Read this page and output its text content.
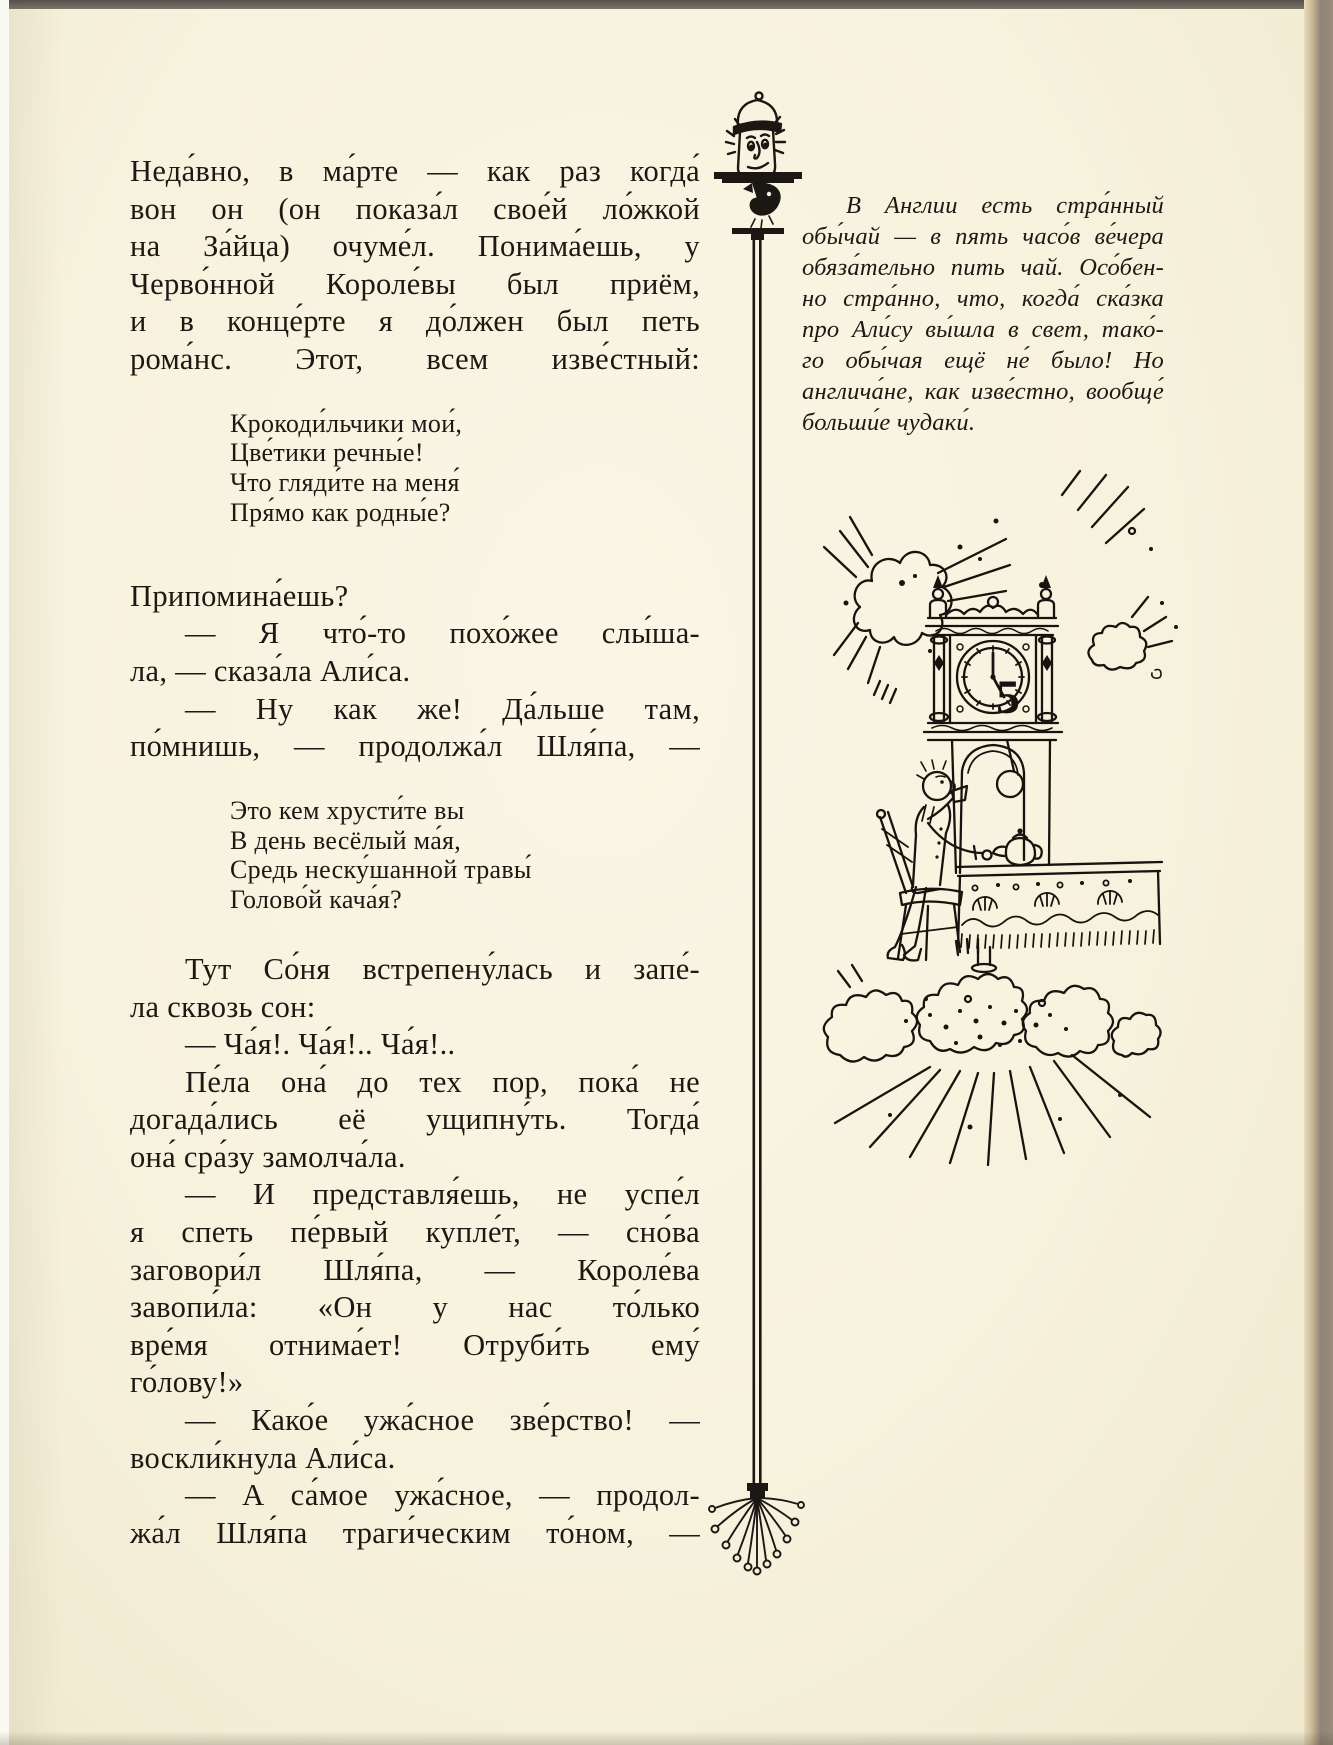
Неда́вно, в ма́рте — как раз когда́
вон он (он показа́л свое́й ло́жкой
на За́йца) очуме́л. Понима́ешь, у
Черво́нной Короле́вы был приём,
и в конце́рте я до́лжен был петь
рома́нс. Этот, всем изве́стный:
Крокоди́льчики мои́,
Цве́тики речны́е!
Что гляди́те на меня́
Пря́мо как родны́е?
Припомина́ешь?
— Я что́-то похо́жее слы́ша-
ла, — сказа́ла Али́са.
— Ну как же! Да́льше там,
по́мнишь, — продолжа́л Шля́па, —
Это кем хрусти́те вы
В день весёлый ма́я,
Средь неску́шанной травы́
Голово́й кача́я?
Тут Со́ня встрепену́лась и запе́-
ла сквозь сон:
— Ча́я!. Ча́я!.. Ча́я!..
Пе́ла она́ до тех пор, пока́ не
догада́лись её ущипну́ть. Тогда́
она́ сра́зу замолча́ла.
— И представля́ешь, не успе́л
я спеть пе́рвый купле́т, — сно́ва
заговори́л Шля́па, — Короле́ва
завопи́ла: «Он у нас то́лько
вре́мя отнима́ет! Отруби́ть ему́
го́лову!»
— Како́е ужа́сное зве́рство! —
воскли́кнула Али́са.
— А са́мое ужа́сное, — продол-
жа́л Шля́па траги́ческим то́ном, —
В Англии есть стра́нный
обы́чай — в пять часо́в ве́чера
обяза́тельно пить чай. Осо́бен-
но стра́нно, что, когда́ ска́зка
про Али́су вы́шла в свет, тако́-
го обы́чая ещё не́ было! Но
англича́не, как изве́стно, вообще́
больши́е чудаки́.
5
